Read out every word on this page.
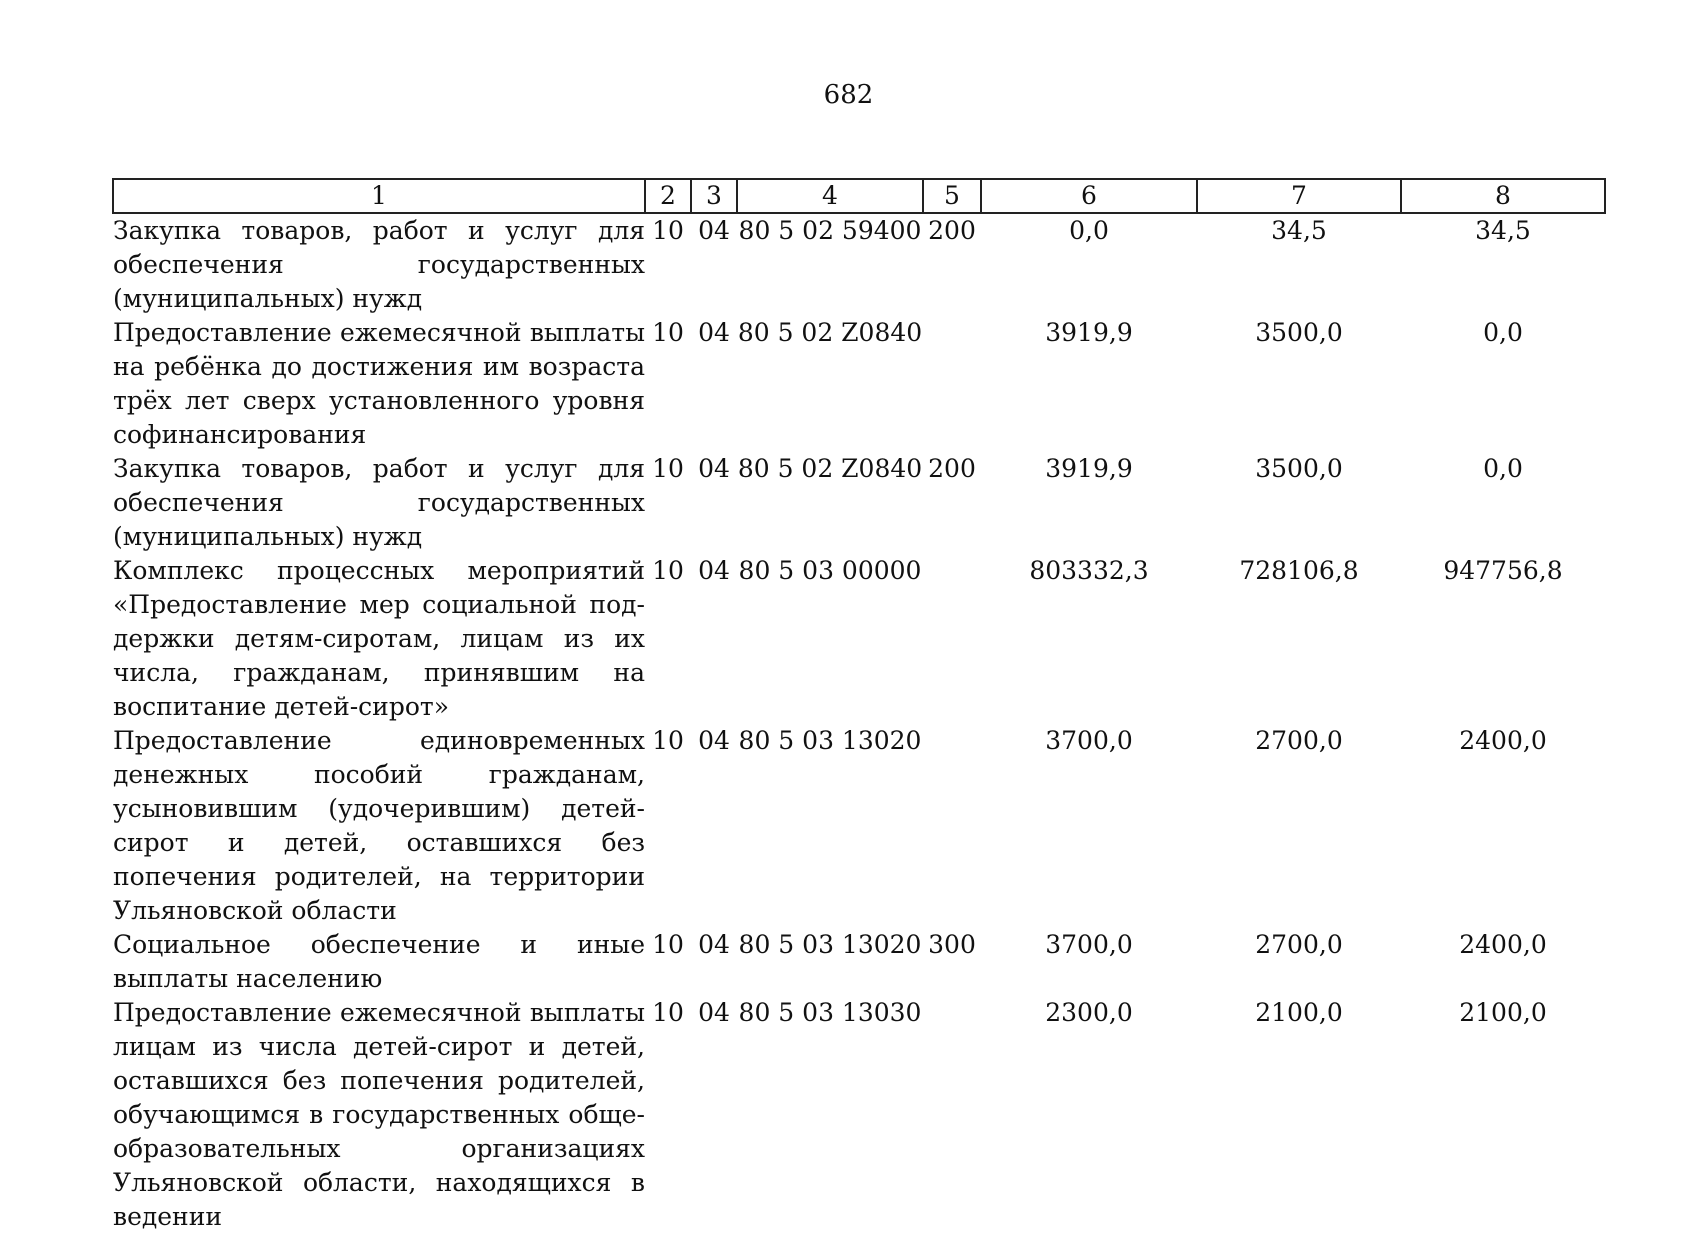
682
1	2	3	4	5	6	7	8
Закупка товаров, работ и услуг для обеспечения государственных (муниципальных) нужд	10	04	80 5 02 59400	200	0,0	34,5	34,5
Предоставление ежемесячной выплаты на ребёнка до достижения им возраста трёх лет сверх установленного уровня софинансирования	10	04	80 5 02 Z0840		3919,9	3500,0	0,0
Закупка товаров, работ и услуг для обеспечения государственных (муниципальных) нужд	10	04	80 5 02 Z0840	200	3919,9	3500,0	0,0
Комплекс процессных мероприятий «Предоставление мер социальной поддержки детям-сиротам, лицам из их числа, гражданам, принявшим на воспитание детей-сирот»	10	04	80 5 03 00000		803332,3	728106,8	947756,8
Предоставление единовременных денежных пособий гражданам, усыновившим (удочерившим) детей-сирот и детей, оставшихся без попечения родителей, на территории Ульяновской области	10	04	80 5 03 13020		3700,0	2700,0	2400,0
Социальное обеспечение и иные выплаты населению	10	04	80 5 03 13020	300	3700,0	2700,0	2400,0
Предоставление ежемесячной выплаты лицам из числа детей-сирот и детей, оставшихся без попечения родителей, обучающимся в государственных общеобразовательных организациях Ульяновской области, находящихся в ведении	10	04	80 5 03 13030		2300,0	2100,0	2100,0
